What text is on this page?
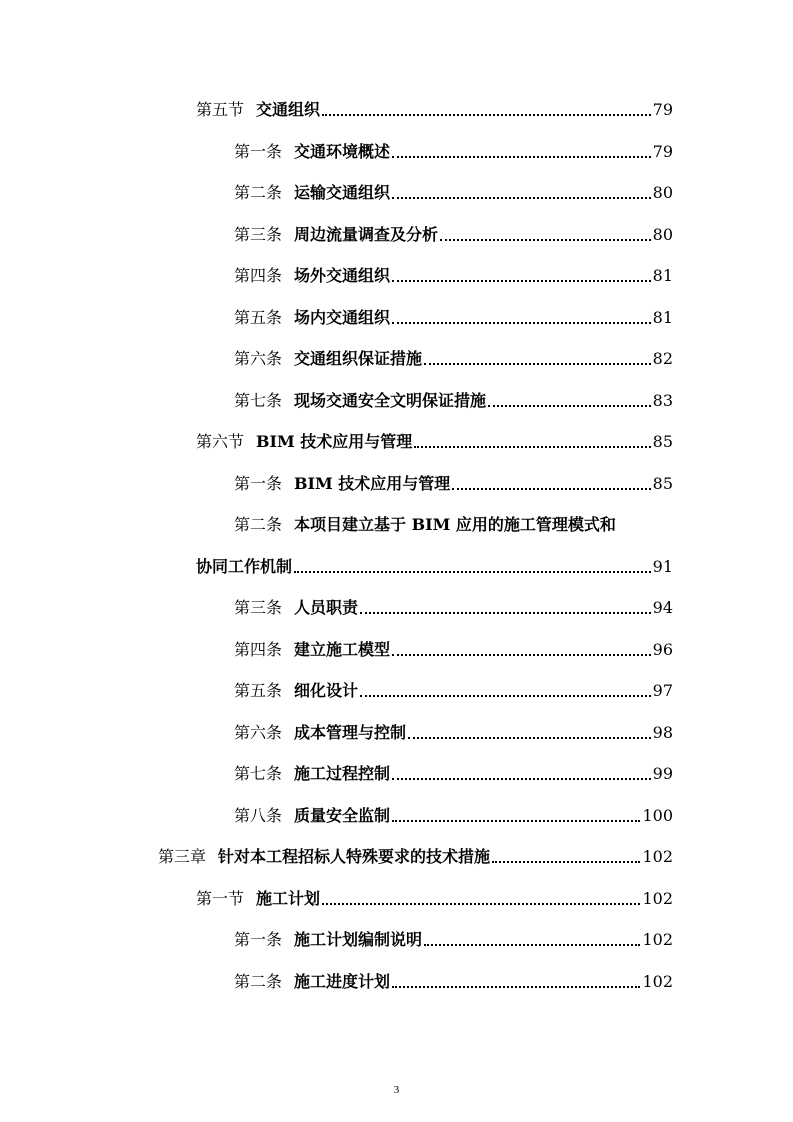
第五节 交通组织	79
第一条 交通环境概述	79
第二条 运输交通组织	80
第三条 周边流量调查及分析	80
第四条 场外交通组织	81
第五条 场内交通组织	81
第六条 交通组织保证措施	82
第七条 现场交通安全文明保证措施	83
第六节 BIM 技术应用与管理	85
第一条 BIM 技术应用与管理	85
第二条 本项目建立基于 BIM 应用的施工管理模式和
协同工作机制	91
第三条 人员职责	94
第四条 建立施工模型	96
第五条 细化设计	97
第六条 成本管理与控制	98
第七条 施工过程控制	99
第八条 质量安全监制	100
第三章 针对本工程招标人特殊要求的技术措施	102
第一节 施工计划	102
第一条 施工计划编制说明	102
第二条 施工进度计划	102
3
